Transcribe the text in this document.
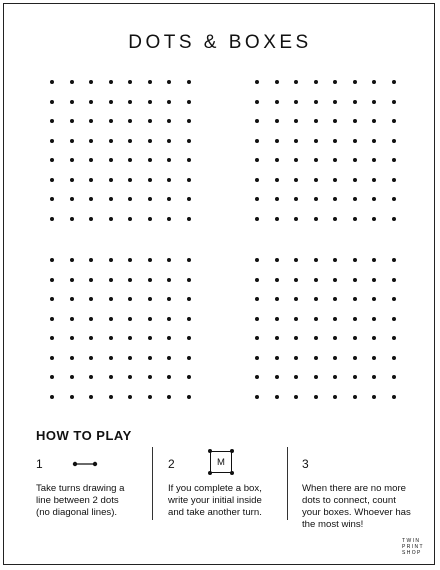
DOTS & BOXES
HOW TO PLAY
1
Take turns drawing a
line between 2 dots
(no diagonal lines).
2	M
If you complete a box,
write your initial inside
and take another turn.
3
When there are no more
dots to connect, count
your boxes. Whoever has
the most wins!
TWIN
PRINT
SHOP
